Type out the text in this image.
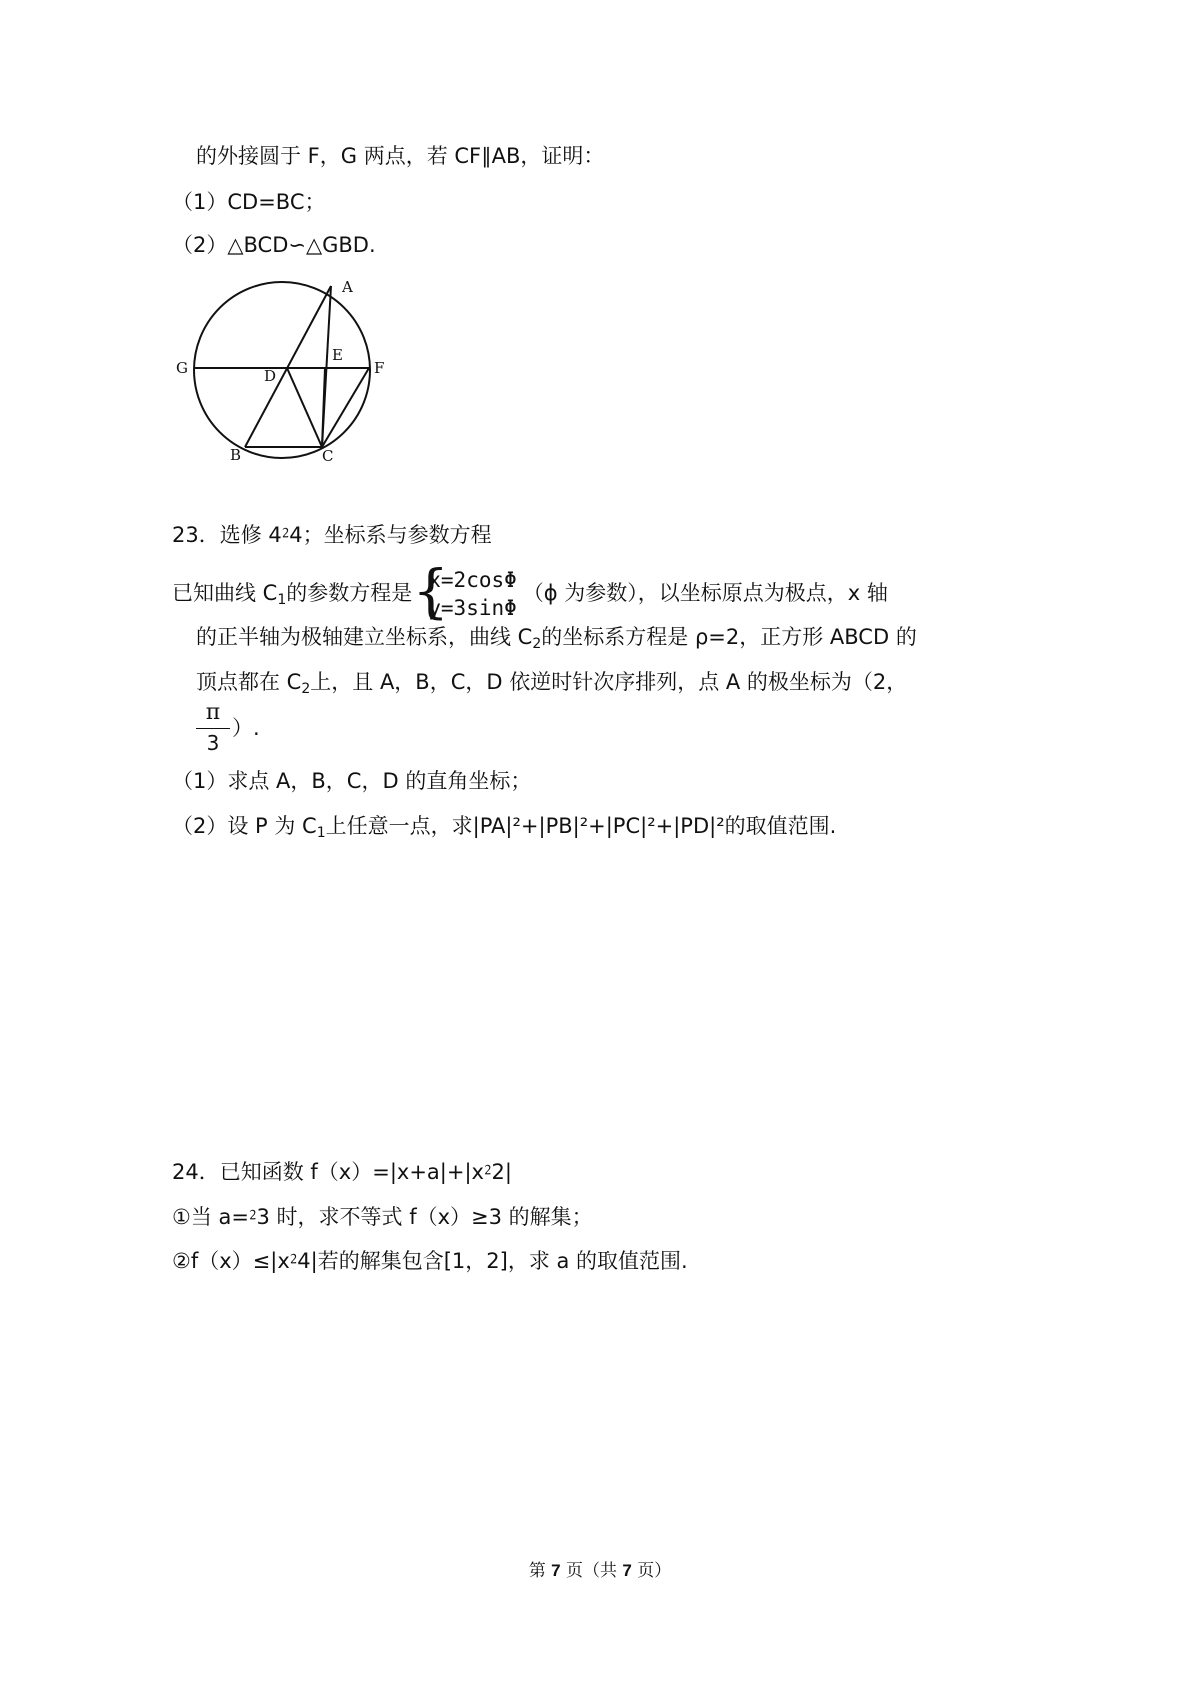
的外接圆于 F，G 两点，若 CF∥AB，证明：
（1）CD=BC；
（2）△BCD∽△GBD.
A
B	C
D
E
F
G
23．选修 4⁲4；坐标系与参数方程
已知曲线 $C_1$的参数方程是 {
x=2cosΦ
y=3sinΦ
（ϕ 为参数），以坐标原点为极点，x 轴
的正半轴为极轴建立坐标系，曲线 $C_2$的坐标系方程是 ρ=2，正方形 ABCD 的
顶点都在 $C_2$上，且 A，B，C，D 依逆时针次序排列，点 A 的极坐标为（2，
π
3
）.
（1）求点 A，B，C，D 的直角坐标；
（2）设 P 为 $C_1$上任意一点，求|PA|²+|PB|²+|PC|²+|PD|²的取值范围.
24．已知函数 f（x）=|x+a|+|x⁲2|
①当 a=⁲3 时，求不等式 f（x）≥3 的解集；
②f（x）≤|x⁲4|若的解集包含[1，2]，求 a 的取值范围.
第 7 页（共 7 页）
